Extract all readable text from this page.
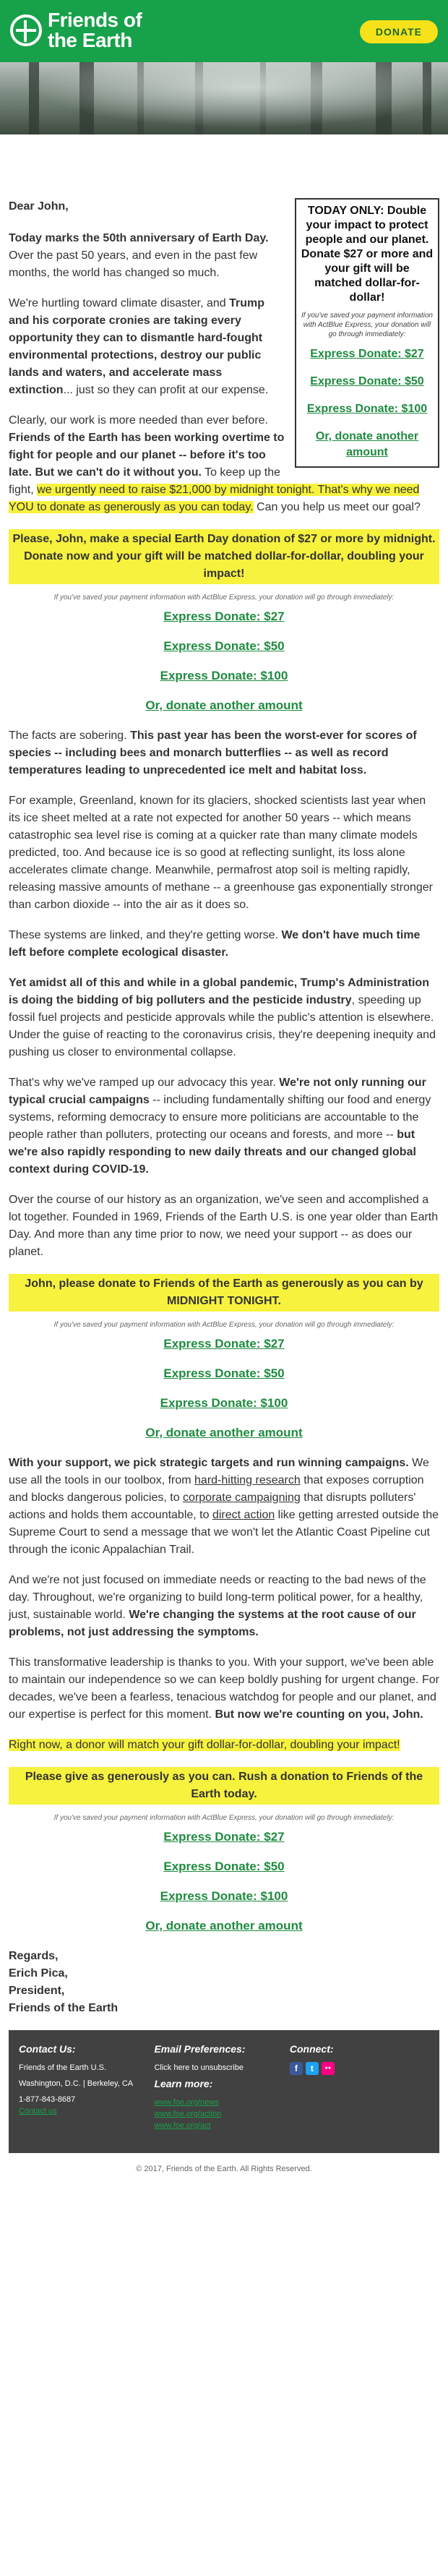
Friends of
the Earth	DONATE
TODAY ONLY: Double your impact to protect people and our planet. Donate $27 or more and your gift will be matched dollar-for-dollar!
If you've saved your payment information with ActBlue Express, your donation will go through immediately:
Express Donate: $27
Express Donate: $50
Express Donate: $100
Or, donate another amount
Dear John,

Today marks the 50th anniversary of Earth Day. Over the past 50 years, and even in the past few months, the world has changed so much.

We're hurtling toward climate disaster, and Trump and his corporate cronies are taking every opportunity they can to dismantle hard-fought environmental protections, destroy our public lands and waters, and accelerate mass extinction... just so they can profit at our expense.

Clearly, our work is more needed than ever before. Friends of the Earth has been working overtime to fight for people and our planet -- before it's too late. But we can't do it without you. To keep up the fight, we urgently need to raise $21,000 by midnight tonight. That's why we need YOU to donate as generously as you can today. Can you help us meet our goal?

Please, John, make a special Earth Day donation of $27 or more by midnight. Donate now and your gift will be matched dollar-for-dollar, doubling your impact!
If you've saved your payment information with ActBlue Express, your donation will go through immediately:
Express Donate: $27
Express Donate: $50
Express Donate: $100
Or, donate another amount

The facts are sobering. This past year has been the worst-ever for scores of species -- including bees and monarch butterflies -- as well as record temperatures leading to unprecedented ice melt and habitat loss.

For example, Greenland, known for its glaciers, shocked scientists last year when its ice sheet melted at a rate not expected for another 50 years -- which means catastrophic sea level rise is coming at a quicker rate than many climate models predicted, too. And because ice is so good at reflecting sunlight, its loss alone accelerates climate change. Meanwhile, permafrost atop soil is melting rapidly, releasing massive amounts of methane -- a greenhouse gas exponentially stronger than carbon dioxide -- into the air as it does so.

These systems are linked, and they're getting worse. We don't have much time left before complete ecological disaster.

Yet amidst all of this and while in a global pandemic, Trump's Administration is doing the bidding of big polluters and the pesticide industry, speeding up fossil fuel projects and pesticide approvals while the public's attention is elsewhere. Under the guise of reacting to the coronavirus crisis, they're deepening inequity and pushing us closer to environmental collapse.

That's why we've ramped up our advocacy this year. We're not only running our typical crucial campaigns -- including fundamentally shifting our food and energy systems, reforming democracy to ensure more politicians are accountable to the people rather than polluters, protecting our oceans and forests, and more -- but we're also rapidly responding to new daily threats and our changed global context during COVID-19.

Over the course of our history as an organization, we've seen and accomplished a lot together. Founded in 1969, Friends of the Earth U.S. is one year older than Earth Day. And more than any time prior to now, we need your support -- as does our planet.

John, please donate to Friends of the Earth as generously as you can by MIDNIGHT TONIGHT.
If you've saved your payment information with ActBlue Express, your donation will go through immediately:
Express Donate: $27
Express Donate: $50
Express Donate: $100
Or, donate another amount

With your support, we pick strategic targets and run winning campaigns. We use all the tools in our toolbox, from hard-hitting research that exposes corruption and blocks dangerous policies, to corporate campaigning that disrupts polluters' actions and holds them accountable, to direct action like getting arrested outside the Supreme Court to send a message that we won't let the Atlantic Coast Pipeline cut through the iconic Appalachian Trail.

And we're not just focused on immediate needs or reacting to the bad news of the day. Throughout, we're organizing to build long-term political power, for a healthy, just, sustainable world. We're changing the systems at the root cause of our problems, not just addressing the symptoms.

This transformative leadership is thanks to you. With your support, we've been able to maintain our independence so we can keep boldly pushing for urgent change. For decades, we've been a fearless, tenacious watchdog for people and our planet, and our expertise is perfect for this moment. But now we're counting on you, John.

Right now, a donor will match your gift dollar-for-dollar, doubling your impact!

Please give as generously as you can. Rush a donation to Friends of the Earth today.
If you've saved your payment information with ActBlue Express, your donation will go through immediately:
Express Donate: $27
Express Donate: $50
Express Donate: $100
Or, donate another amount
Regards,
Erich Pica,
President,
Friends of the Earth
Contact Us:
Friends of the Earth U.S.
Washington, D.C. | Berkeley, CA
1-877-843-8687
Contact us
Email Preferences:
Click here to unsubscribe
Learn more:
www.foe.org/news
www.foe.org/action
www.foe.org/act
Connect:
f	t	●●
© 2017, Friends of the Earth. All Rights Reserved.
